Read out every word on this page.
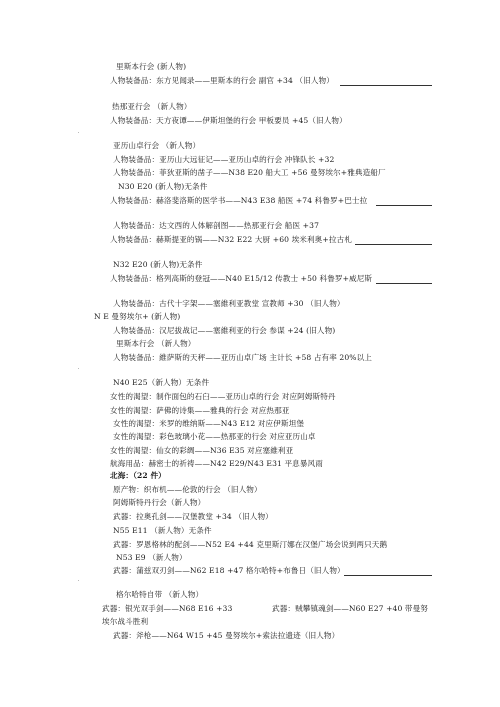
里斯本行会 (新人物)
人物装备品：东方见闻录——里斯本的行会 副官 +34 （旧人物）
热那亚行会 （新人物）
人物装备品：天方夜谭——伊斯坦堡的行会 甲板要员 +45（旧人物）
亚历山卓行会 （新人物）
人物装备品：亚历山大远征记——亚历山卓的行会 冲锋队长 +32
人物装备品：菲狄亚斯的凿子——N38 E20 船大工 +56 曼努埃尔+雅典造船厂
N30 E20 (新人物)无条件
人物装备品：赫洛斐洛斯的医学书——N43 E38 船医 +74 科鲁罗+巴士拉
人物装备品：达文西的人体解剖图——热那亚行会 船医 +37
人物装备品：赫斯提亚的锅——N32 E22 大厨 +60 埃米利奥+拉古札
N32 E20 (新人物)无条件
人物装备品：格列高斯的登冠——N40 E15/12 传教士 +50 科鲁罗+威尼斯
人物装备品：古代十字架——塞維利亚教堂 宣教师 +30 （旧人物）
N E 曼努埃尔+ (新人物)
人物装备品：汉尼拔战记——塞維利亚的行会 参谋 +24 (旧人物)
里斯本行会 （新人物）
人物装备品：維萨斯的天秤——亚历山卓广场 主计长 +58 占有率 20%以上
N40 E25（新人物）无条件
女性的渴望：制作面包的石臼——亚历山卓的行会 对应阿姆斯特丹
女性的渴望：萨佛的诗集——雅典的行会 对应热那亚
女性的渴望：米罗的维纳斯——N43 E12 对应伊斯坦堡
女性的渴望：彩色玻璃小花——热那亚的行会 对应亚历山卓
女性的渴望：仙女的彩绸——N36 E35 对应塞維利亚
航海用品：赫密士的祈祷——N42 E29/N43 E31 平息暴风雨
北海：（22 件）
原产物：织布机——伦敦的行会 （旧人物）
阿姆斯特丹行会（新人物）
武器：拉奥孔剑——汉堡教堂 +34 （旧人物）
N55 E11 （新人物）无条件
武器：罗恩格林的配剑——N52 E4 +44 克里斯汀娜在汉堡广场会说到两只天鹅
N53 E9 （新人物）
武器：蒲兹双刃剑——N62 E18 +47 格尔哈特+布鲁日（旧人物）
格尔哈特自带 （新人物）
武器：银光双手剑——N68 E16 +33	武器：贼攀镇魂剑——N60 E27 +40 带曼努
埃尔战斗胜利
武器：斧枪——N64 W15 +45 曼努埃尔+索法拉遗迹（旧人物）
